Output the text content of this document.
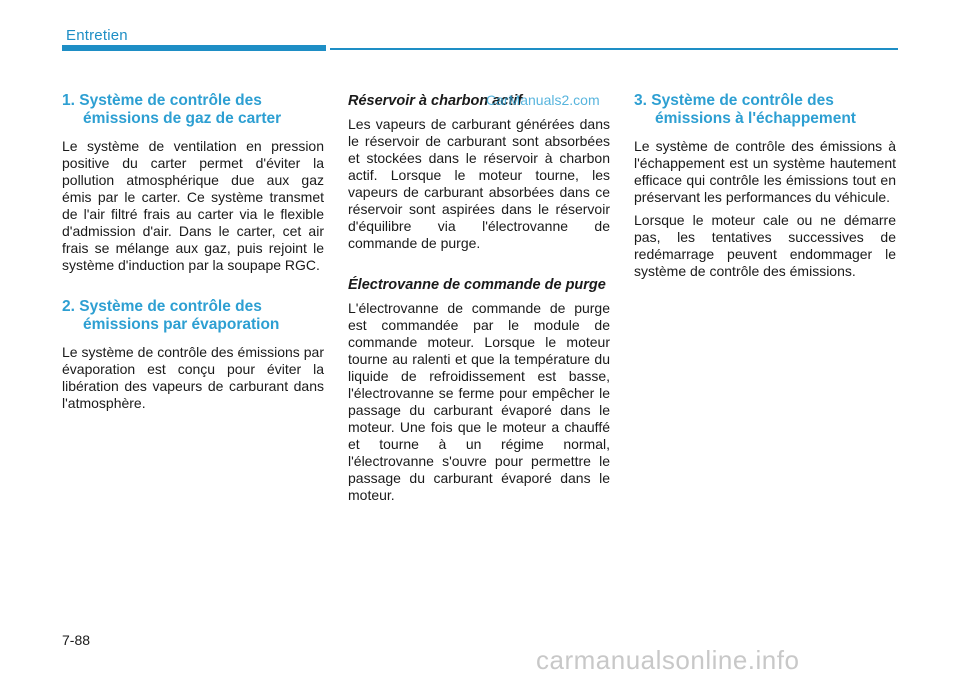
Entretien
1. Système de contrôle des
émissions de gaz de carter

Le système de ventilation en pression positive du carter permet d'éviter la pollution atmosphérique due aux gaz émis par le carter. Ce système transmet de l'air filtré frais au carter via le flexible d'admission d'air. Dans le carter, cet air frais se mélange aux gaz, puis rejoint le système d'induction par la soupape RGC.

2. Système de contrôle des
émissions par évaporation

Le système de contrôle des émissions par évaporation est conçu pour éviter la libération des vapeurs de carburant dans l'atmosphère.

Réservoir à charbon actif

Les vapeurs de carburant générées dans le réservoir de carburant sont absorbées et stockées dans le réservoir à charbon actif. Lorsque le moteur tourne, les vapeurs de carburant absorbées dans ce réservoir sont aspirées dans le réservoir d'équilibre via l'électrovanne de commande de purge.

Électrovanne de commande de purge

L'électrovanne de commande de purge est commandée par le module de commande moteur. Lorsque le moteur tourne au ralenti et que la température du liquide de refroidissement est basse, l'électrovanne se ferme pour empêcher le passage du carburant évaporé dans le moteur. Une fois que le moteur a chauffé et tourne à un régime normal, l'électrovanne s'ouvre pour permettre le passage du carburant évaporé dans le moteur.

3. Système de contrôle des
émissions à l'échappement

Le système de contrôle des émissions à l'échappement est un système hautement efficace qui contrôle les émissions tout en préservant les performances du véhicule.

Lorsque le moteur cale ou ne démarre pas, les tentatives successives de redémarrage peuvent endommager le système de contrôle des émissions.

CarManuals2.com
7-88
carmanualsonline.info
